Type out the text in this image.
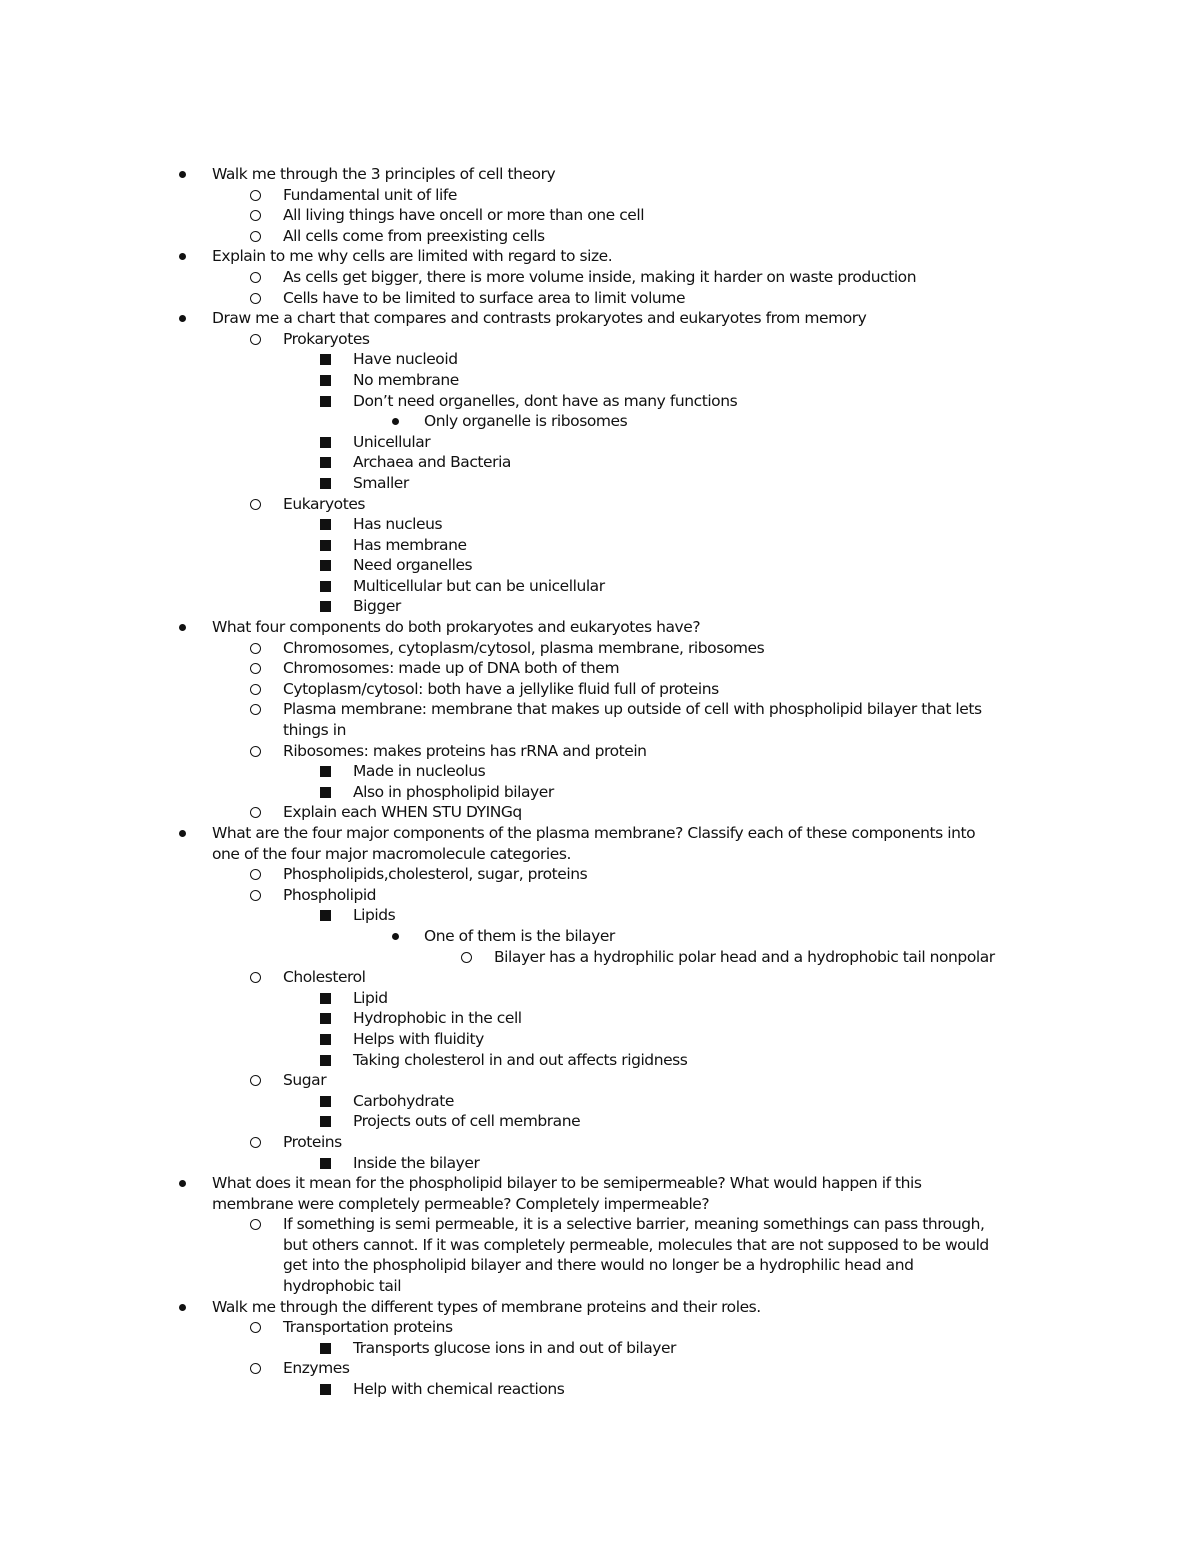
Walk me through the 3 principles of cell theory
Fundamental unit of life
All living things have oncell or more than one cell
All cells come from preexisting cells
Explain to me why cells are limited with regard to size.
As cells get bigger, there is more volume inside, making it harder on waste production
Cells have to be limited to surface area to limit volume
Draw me a chart that compares and contrasts prokaryotes and eukaryotes from memory
Prokaryotes
Have nucleoid
No membrane
Don’t need organelles, dont have as many functions
Only organelle is ribosomes
Unicellular
Archaea and Bacteria
Smaller
Eukaryotes
Has nucleus
Has membrane
Need organelles
Multicellular but can be unicellular
Bigger
What four components do both prokaryotes and eukaryotes have?
Chromosomes, cytoplasm/cytosol, plasma membrane, ribosomes
Chromosomes: made up of DNA both of them
Cytoplasm/cytosol: both have a jellylike fluid full of proteins
Plasma membrane: membrane that makes up outside of cell with phospholipid bilayer that lets
things in
Ribosomes: makes proteins has rRNA and protein
Made in nucleolus
Also in phospholipid bilayer
Explain each WHEN STU DYINGq
What are the four major components of the plasma membrane? Classify each of these components into
one of the four major macromolecule categories.
Phospholipids,cholesterol, sugar, proteins
Phospholipid
Lipids
One of them is the bilayer
Bilayer has a hydrophilic polar head and a hydrophobic tail nonpolar
Cholesterol
Lipid
Hydrophobic in the cell
Helps with fluidity
Taking cholesterol in and out affects rigidness
Sugar
Carbohydrate
Projects outs of cell membrane
Proteins
Inside the bilayer
What does it mean for the phospholipid bilayer to be semipermeable? What would happen if this
membrane were completely permeable? Completely impermeable?
If something is semi permeable, it is a selective barrier, meaning somethings can pass through,
but others cannot. If it was completely permeable, molecules that are not supposed to be would
get into the phospholipid bilayer and there would no longer be a hydrophilic head and
hydrophobic tail
Walk me through the different types of membrane proteins and their roles.
Transportation proteins
Transports glucose ions in and out of bilayer
Enzymes
Help with chemical reactions
